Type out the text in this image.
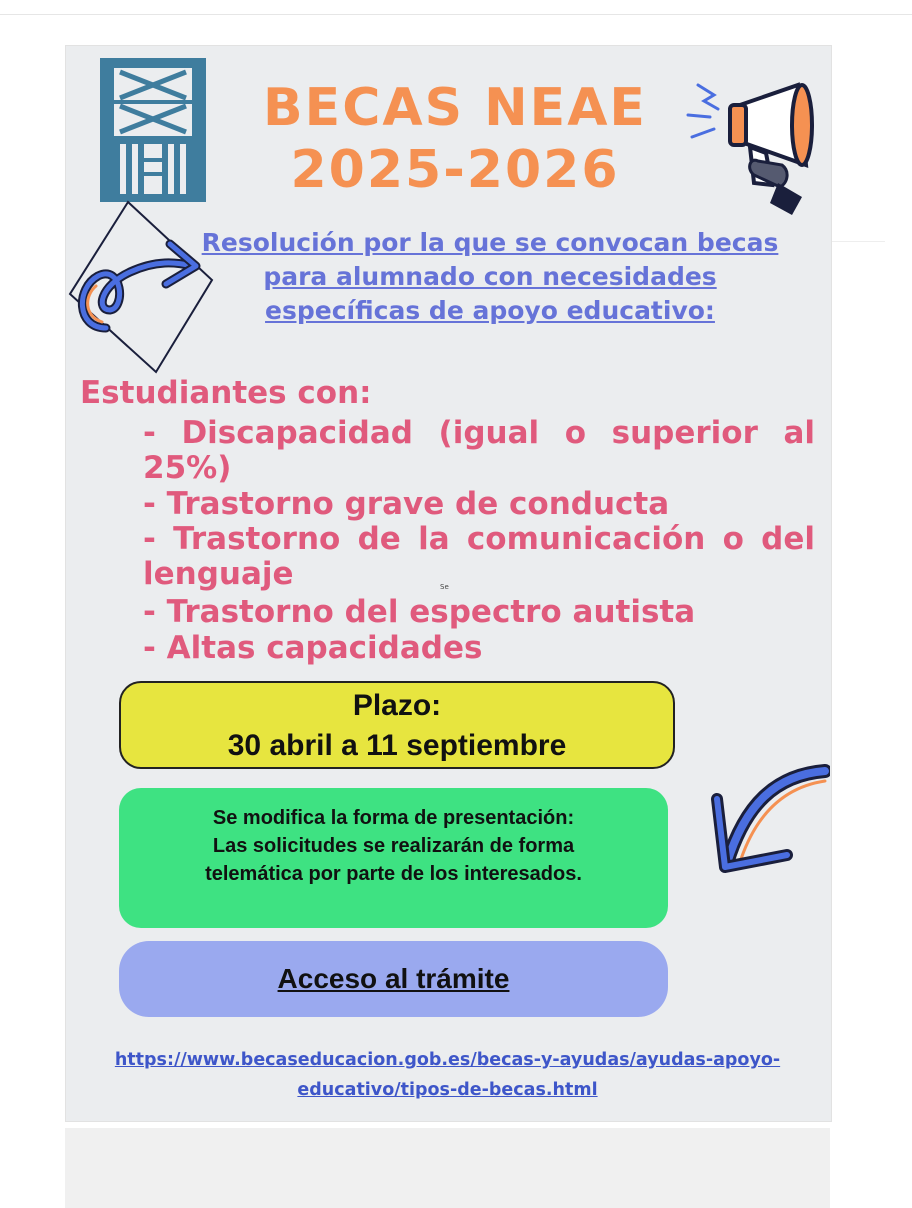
BECAS NEAE
2025-2026

Resolución por la que se convocan becas para alumnado con necesidades específicas de apoyo educativo:

Estudiantes con:

- Discapacidad (igual o superior al 25%)
- Trastorno grave de conducta
- Trastorno de la comunicación o del lenguaje
- Trastorno del espectro autista
- Altas capacidades
Se
Plazo:
30 abril a 11 septiembre

Se modifica la forma de presentación:

Las solicitudes se realizarán de forma

telemática por parte de los interesados.

Acceso al trámite

https://www.becaseducacion.gob.es/becas-y-ayudas/ayudas-apoyo-educativo/tipos-de-becas.html
